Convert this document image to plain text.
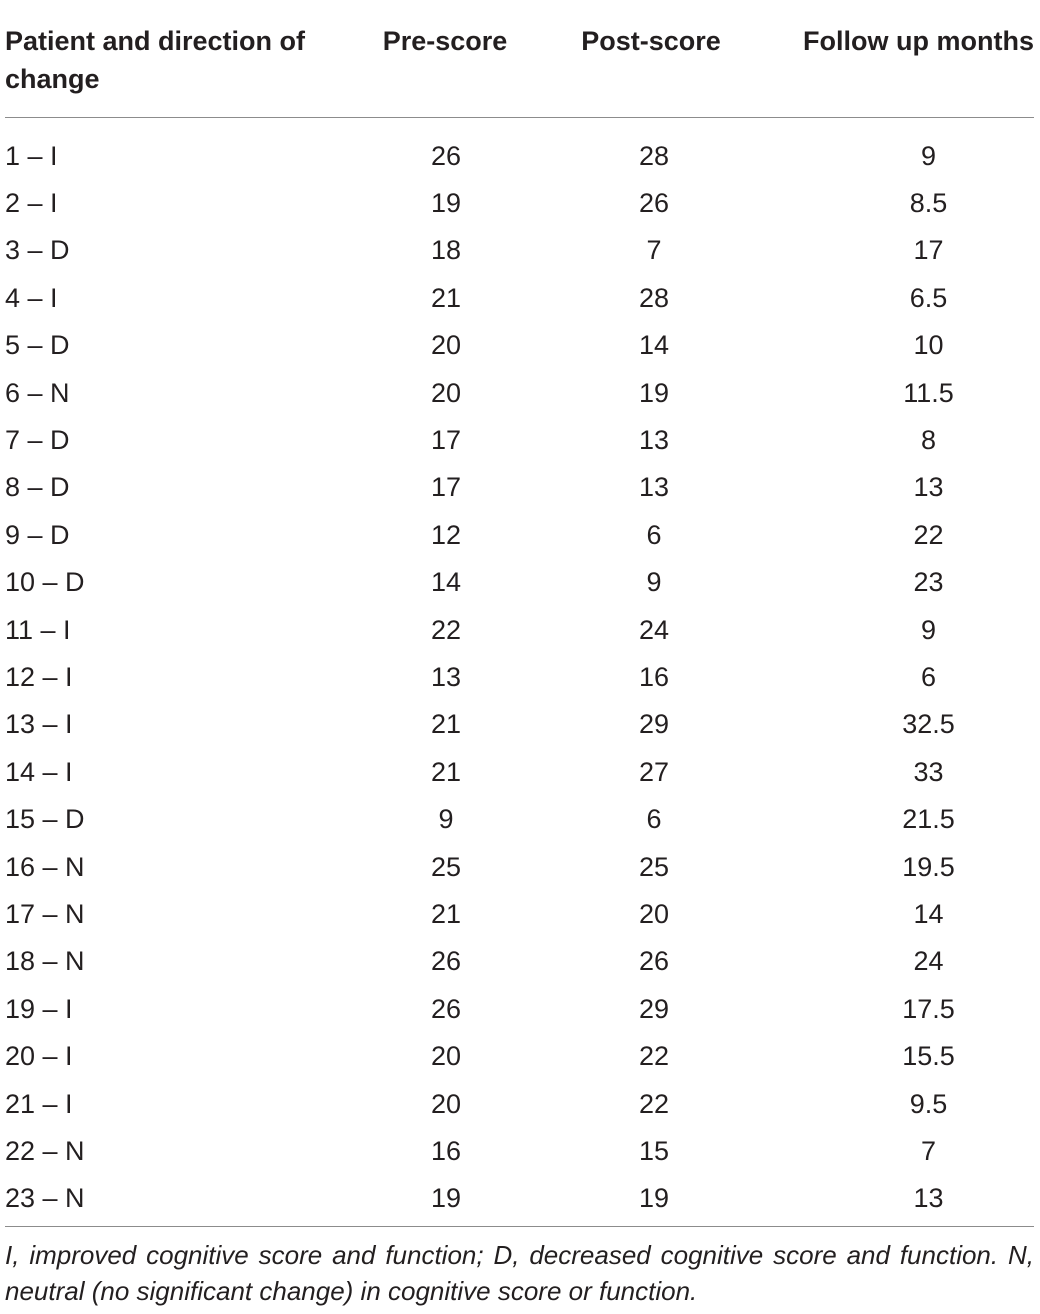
Patient and direction of change	Pre-score	Post-score	Follow up months
1 – I	26	28	9
2 – I	19	26	8.5
3 – D	18	7	17
4 – I	21	28	6.5
5 – D	20	14	10
6 – N	20	19	11.5
7 – D	17	13	8
8 – D	17	13	13
9 – D	12	6	22
10 – D	14	9	23
11 – I	22	24	9
12 – I	13	16	6
13 – I	21	29	32.5
14 – I	21	27	33
15 – D	9	6	21.5
16 – N	25	25	19.5
17 – N	21	20	14
18 – N	26	26	24
19 – I	26	29	17.5
20 – I	20	22	15.5
21 – I	20	22	9.5
22 – N	16	15	7
23 – N	19	19	13
I, improved cognitive score and function; D, decreased cognitive score and function. N, neutral (no significant change) in cognitive score or function.
